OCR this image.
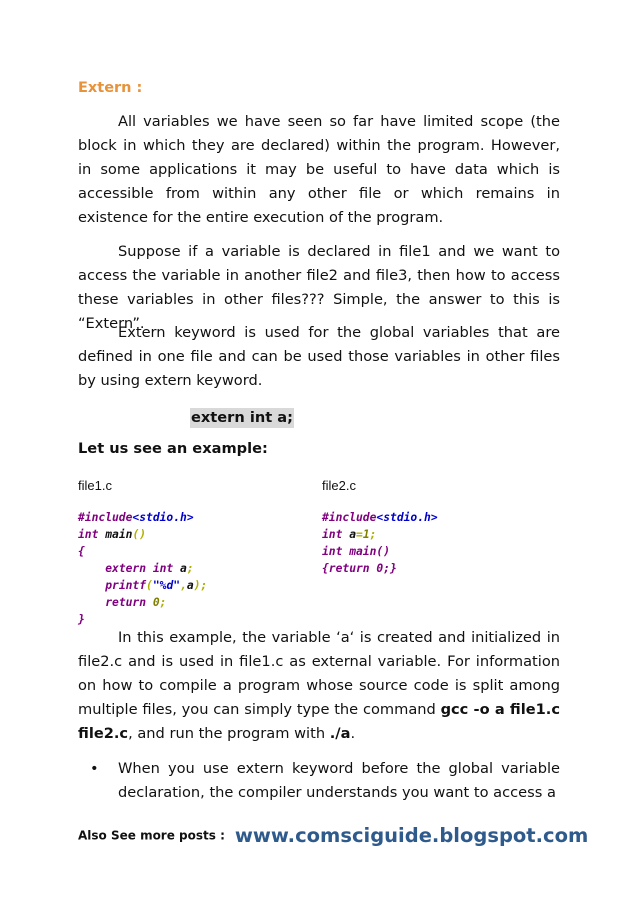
Extern :
All variables we have seen so far have limited scope (the block in which they are declared) within the program. However, in some applications it may be useful to have data which is accessible from within any other file or which remains in existence for the entire execution of the program.
Suppose if a variable is declared in file1 and we want to access the variable in another file2 and file3, then how to access these variables in other files??? Simple, the answer to this is “Extern”.
Extern keyword is used for the global variables that are defined in one file and can be used those variables in other files by using extern keyword.
extern int a;
Let us see an example:
file1.c	file2.c
#include<stdio.h>
int main()
{
extern int a;
printf("%d",a);
return 0;
}
#include<stdio.h>
int a=1;
int main()
{return 0;}
In this example, the variable ‘a‘ is created and initialized in file2.c and is used in file1.c as external variable. For information on how to compile a program whose source code is split among multiple files, you can simply type the command gcc -o a file1.c file2.c, and run the program with ./a.
• When you use extern keyword before the global variable declaration, the compiler understands you want to access a
Also See more posts : www.comsciguide.blogspot.com
